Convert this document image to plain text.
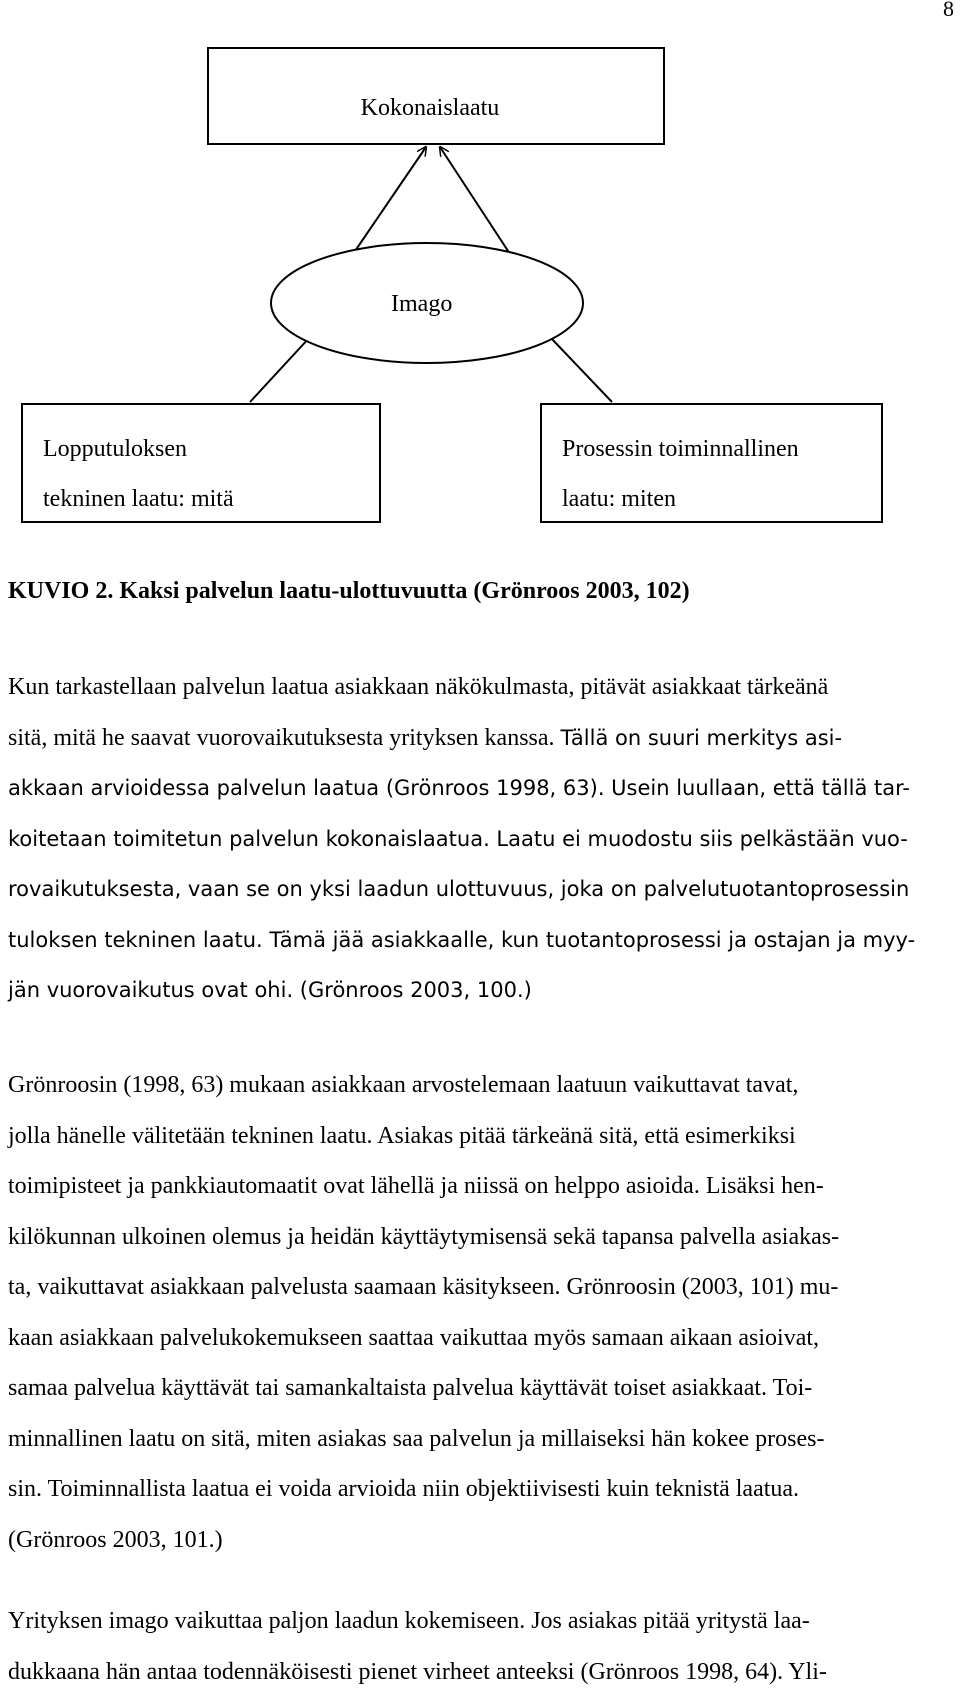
8
Kokonaislaatu
Imago
Lopputuloksen
tekninen laatu: mitä
Prosessin toiminnallinen
laatu: miten
KUVIO 2. Kaksi palvelun laatu-ulottuvuutta (Grönroos 2003, 102)
Kun tarkastellaan palvelun laatua asiakkaan näkökulmasta, pitävät asiakkaat tärkeänä
sitä, mitä he saavat vuorovaikutuksesta yrityksen kanssa. Tällä on suuri merkitys asi-
akkaan arvioidessa palvelun laatua (Grönroos 1998, 63). Usein luullaan, että tällä tar-
koitetaan toimitetun palvelun kokonaislaatua. Laatu ei muodostu siis pelkästään vuo-
rovaikutuksesta, vaan se on yksi laadun ulottuvuus, joka on palvelutuotantoprosessin
tuloksen tekninen laatu. Tämä jää asiakkaalle, kun tuotantoprosessi ja ostajan ja myy-
jän vuorovaikutus ovat ohi. (Grönroos 2003, 100.)
Grönroosin (1998, 63) mukaan asiakkaan arvostelemaan laatuun vaikuttavat tavat,
jolla hänelle välitetään tekninen laatu. Asiakas pitää tärkeänä sitä, että esimerkiksi
toimipisteet ja pankkiautomaatit ovat lähellä ja niissä on helppo asioida. Lisäksi hen-
kilökunnan ulkoinen olemus ja heidän käyttäytymisensä sekä tapansa palvella asiakas-
ta, vaikuttavat asiakkaan palvelusta saamaan käsitykseen. Grönroosin (2003, 101) mu-
kaan asiakkaan palvelukokemukseen saattaa vaikuttaa myös samaan aikaan asioivat,
samaa palvelua käyttävät tai samankaltaista palvelua käyttävät toiset asiakkaat. Toi-
minnallinen laatu on sitä, miten asiakas saa palvelun ja millaiseksi hän kokee proses-
sin. Toiminnallista laatua ei voida arvioida niin objektiivisesti kuin teknistä laatua.
(Grönroos 2003, 101.)
Yrityksen imago vaikuttaa paljon laadun kokemiseen. Jos asiakas pitää yritystä laa-
dukkaana hän antaa todennäköisesti pienet virheet anteeksi (Grönroos 1998, 64). Yli-
